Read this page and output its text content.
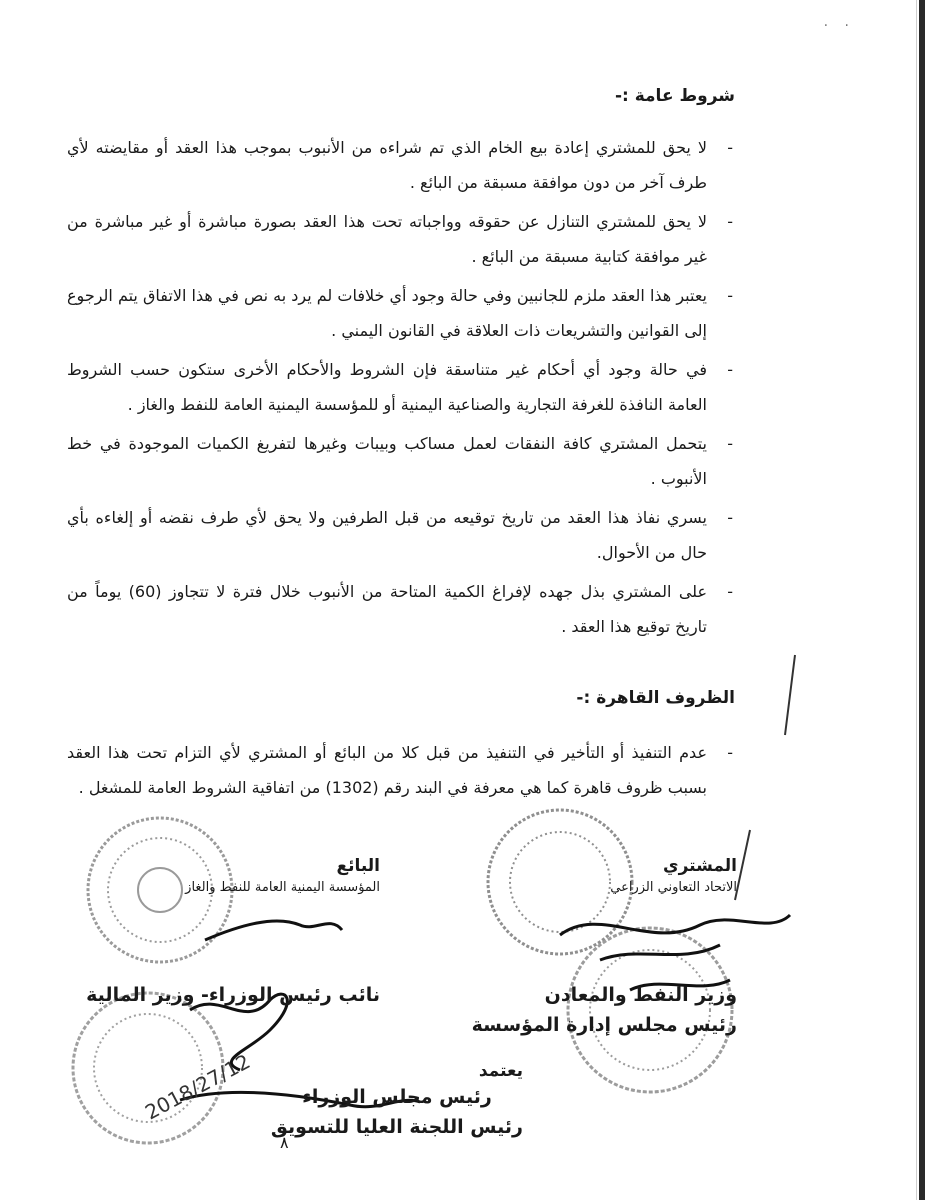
· ·
شروط عامة :-
-
لا يحق للمشتري إعادة بيع الخام الذي تم شراءه من الأنبوب بموجب هذا العقد أو مقايضته لأي طرف آخر من دون موافقة مسبقة من البائع .
-
لا يحق للمشتري التنازل عن حقوقه وواجباته تحت هذا العقد بصورة مباشرة أو غير مباشرة من غير موافقة كتابية مسبقة من البائع .
-
يعتبر هذا العقد ملزم للجانبين وفي حالة وجود أي خلافات لم يرد به نص في هذا الاتفاق يتم الرجوع إلى القوانين والتشريعات ذات العلاقة في القانون اليمني .
-
في حالة وجود أي أحكام غير متناسقة فإن الشروط والأحكام الأخرى ستكون حسب الشروط العامة النافذة للغرفة التجارية والصناعية اليمنية أو للمؤسسة اليمنية العامة للنفط والغاز .
-
يتحمل المشتري كافة النفقات لعمل مساكب وبيبات وغيرها لتفريغ الكميات الموجودة في خط الأنبوب .
-
يسري نفاذ هذا العقد من تاريخ توقيعه من قبل الطرفين ولا يحق لأي طرف نقضه أو إلغاءه بأي حال من الأحوال.
-
على المشتري بذل جهده لإفراغ الكمية المتاحة من الأنبوب خلال فترة لا تتجاوز (60) يوماً من تاريخ توقيع هذا العقد .
الظروف القاهرة :-
-
عدم التنفيذ أو التأخير في التنفيذ من قبل كلا من البائع أو المشتري لأي التزام تحت هذا العقد بسبب ظروف قاهرة كما هي معرفة في البند رقم (1302) من اتفاقية الشروط العامة للمشغل .
2018/27/12
المشتري
الاتحاد التعاوني الزراعي
وزير النفط والمعادن
رئيس مجلس إدارة المؤسسة
البائع
المؤسسة اليمنية العامة للنفط والغاز
نائب رئيس الوزراء- وزير المالية
يعتمد
رئيس مجلس الوزراء
رئيس اللجنة العليا للتسويق
٨
